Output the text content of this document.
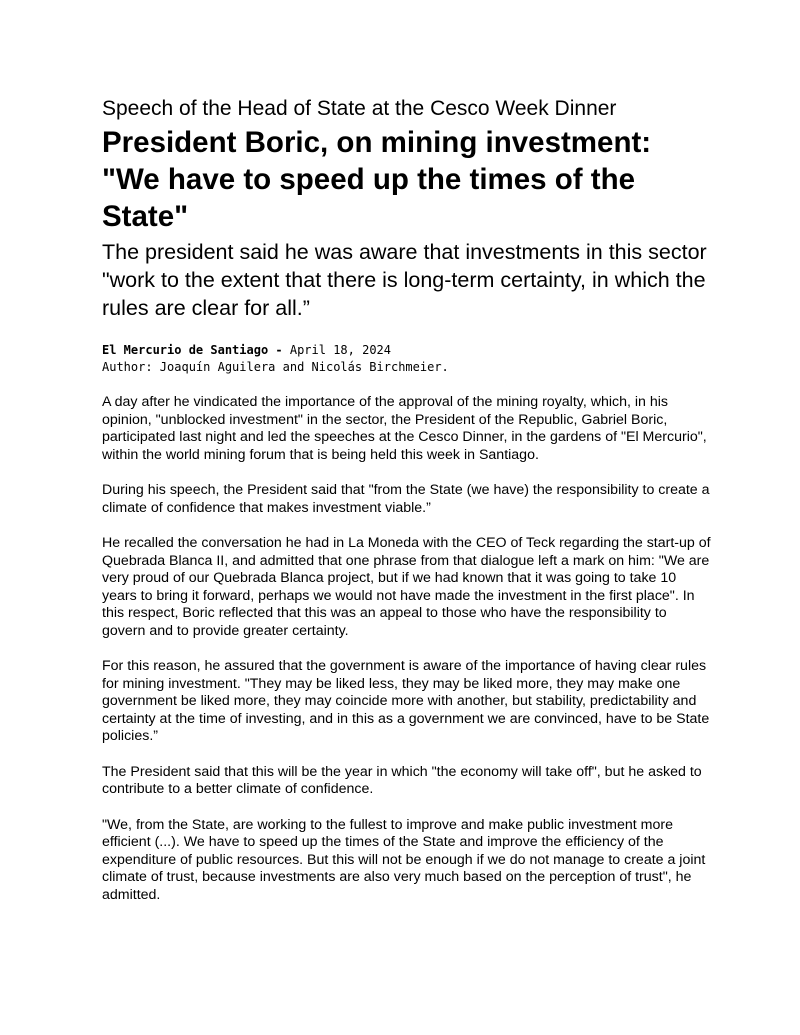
Speech of the Head of State at the Cesco Week Dinner
President Boric, on mining investment: "We have to speed up the times of the State"
The president said he was aware that investments in this sector "work to the extent that there is long-term certainty, in which the rules are clear for all.”
El Mercurio de Santiago - April 18, 2024
Author: Joaquín Aguilera and Nicolás Birchmeier.

A day after he vindicated the importance of the approval of the mining royalty, which, in his opinion, "unblocked investment" in the sector, the President of the Republic, Gabriel Boric, participated last night and led the speeches at the Cesco Dinner, in the gardens of "El Mercurio", within the world mining forum that is being held this week in Santiago.

During his speech, the President said that "from the State (we have) the responsibility to create a climate of confidence that makes investment viable.”

He recalled the conversation he had in La Moneda with the CEO of Teck regarding the start-up of Quebrada Blanca II, and admitted that one phrase from that dialogue left a mark on him: "We are very proud of our Quebrada Blanca project, but if we had known that it was going to take 10 years to bring it forward, perhaps we would not have made the investment in the first place". In this respect, Boric reflected that this was an appeal to those who have the responsibility to govern and to provide greater certainty.

For this reason, he assured that the government is aware of the importance of having clear rules for mining investment. "They may be liked less, they may be liked more, they may make one government be liked more, they may coincide more with another, but stability, predictability and certainty at the time of investing, and in this as a government we are convinced, have to be State policies.”

The President said that this will be the year in which "the economy will take off", but he asked to contribute to a better climate of confidence.

"We, from the State, are working to the fullest to improve and make public investment more efficient (...). We have to speed up the times of the State and improve the efficiency of the expenditure of public resources. But this will not be enough if we do not manage to create a joint climate of trust, because investments are also very much based on the perception of trust", he admitted.
